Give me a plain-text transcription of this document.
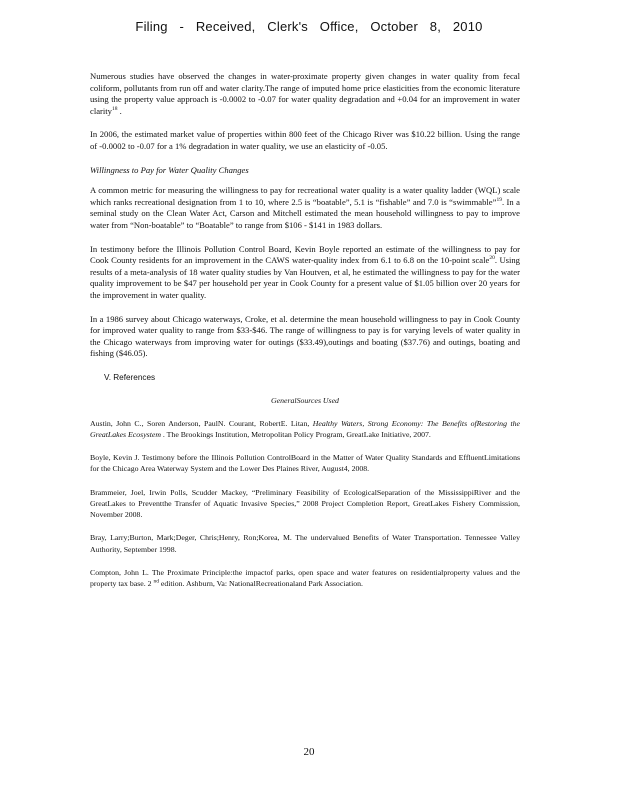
Filing - Received, Clerk's Office, October 8, 2010

Numerous studies have observed the changes in water-proximate property given changes in water quality from fecal coliform, pollutants from run off and water clarity.The range of imputed home price elasticities from the economic literature using the property value approach is -0.0002 to -0.07 for water quality degradation and +0.04 for an improvement in water clarity$^{18}$ .

In 2006, the estimated market value of properties within 800 feet of the Chicago River was $10.22 billion. Using the range of -0.0002 to -0.07 for a 1% degradation in water quality, we use an elasticity of -0.05.

Willingness to Pay for Water Quality Changes

A common metric for measuring the willingness to pay for recreational water quality is a water quality ladder (WQL) scale which ranks recreational designation from 1 to 10, where 2.5 is “boatable”, 5.1 is “fishable” and 7.0 is “swimmable”$^{19}$. In a seminal study on the Clean Water Act, Carson and Mitchell estimated the mean household willingness to pay to improve water from “Non-boatable” to “Boatable” to range from $106 - $141 in 1983 dollars.

In testimony before the Illinois Pollution Control Board, Kevin Boyle reported an estimate of the willingness to pay for Cook County residents for an improvement in the CAWS water-quality index from 6.1 to 6.8 on the 10-point scale$^{20}$. Using results of a meta-analysis of 18 water quality studies by Van Houtven, et al, he estimated the willingness to pay for the water quality improvement to be $47 per household per year in Cook County for a present value of $1.05 billion over 20 years for the improvement in water quality.

In a 1986 survey about Chicago waterways, Croke, et al. determine the mean household willingness to pay in Cook County for improved water quality to range from $33-$46. The range of willingness to pay is for varying levels of water quality in the Chicago waterways from improving water for outings ($33.49),outings and boating ($37.76) and outings, boating and fishing ($46.05).

V. References

GeneralSources Used

Austin, John C., Soren Anderson, PaulN. Courant, RobertE. Litan, Healthy Waters, Strong Economy: The Benefits ofRestoring the GreatLakes Ecosystem . The Brookings Institution, Metropolitan Policy Program, GreatLake Initiative, 2007.

Boyle, Kevin J. Testimony before the Illinois Pollution ControlBoard in the Matter of Water Quality Standards and EffluentLimitations for the Chicago Area Waterway System and the Lower Des Plaines River, August4, 2008.

Brammeier, Joel, Irwin Polls, Scudder Mackey, “Preliminary Feasibility of EcologicalSeparation of the MississippiRiver and the GreatLakes to Preventthe Transfer of Aquatic Invasive Species,” 2008 Project Completion Report, GreatLakes Fishery Commission, November 2008.

Bray, Larry;Burton, Mark;Deger, Chris;Henry, Ron;Korea, M. The undervalued Benefits of Water Transportation. Tennessee Valley Authority, September 1998.

Compton, John L. The Proximate Principle:the impactof parks, open space and water features on residentialproperty values and the property tax base. 2 $^{nd}$ edition. Ashburn, Va: NationalRecreationaland Park Association.

20
